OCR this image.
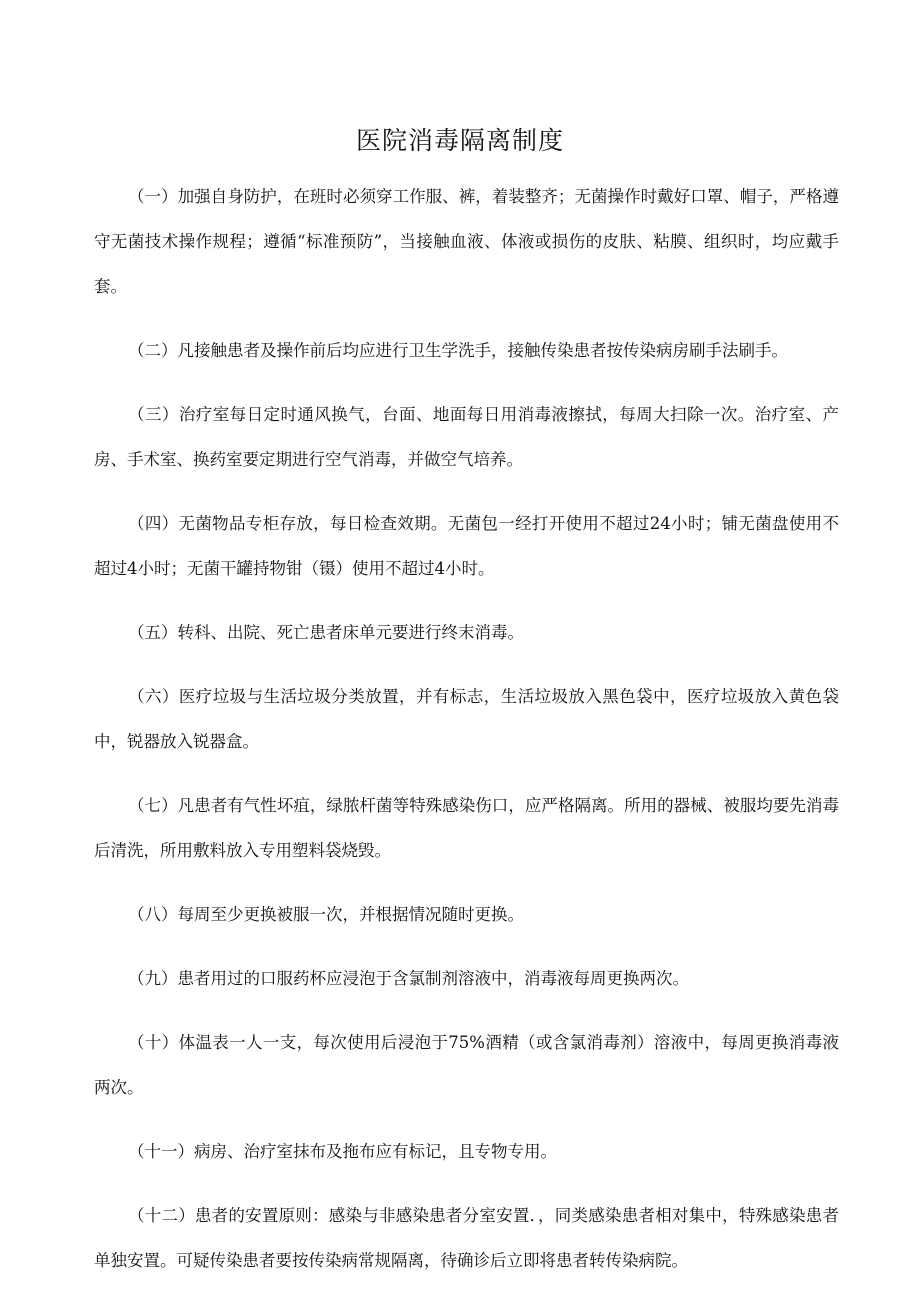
医院消毒隔离制度

（一）加强自身防护，在班时必须穿工作服、裤，着装整齐；无菌操作时戴好口罩、帽子，严格遵守无菌技术操作规程；遵循“标准预防”，当接触血液、体液或损伤的皮肤、粘膜、组织时，均应戴手套。

（二）凡接触患者及操作前后均应进行卫生学洗手，接触传染患者按传染病房刷手法刷手。

（三）治疗室每日定时通风换气，台面、地面每日用消毒液擦拭，每周大扫除一次。治疗室、产房、手术室、换药室要定期进行空气消毒，并做空气培养。

（四）无菌物品专柜存放，每日检查效期。无菌包一经打开使用不超过24小时；铺无菌盘使用不超过4小时；无菌干罐持物钳（镊）使用不超过4小时。

（五）转科、出院、死亡患者床单元要进行终末消毒。

（六）医疗垃圾与生活垃圾分类放置，并有标志，生活垃圾放入黑色袋中，医疗垃圾放入黄色袋中，锐器放入锐器盒。

（七）凡患者有气性坏疽，绿脓杆菌等特殊感染伤口，应严格隔离。所用的器械、被服均要先消毒后清洗，所用敷料放入专用塑料袋烧毁。

（八）每周至少更换被服一次，并根据情况随时更换。

（九）患者用过的口服药杯应浸泡于含氯制剂溶液中，消毒液每周更换两次。

（十）体温表一人一支，每次使用后浸泡于75%酒精（或含氯消毒剂）溶液中，每周更换消毒液两次。

（十一）病房、治疗室抹布及拖布应有标记，且专物专用。

（十二）患者的安置原则：感染与非感染患者分室安置．，同类感染患者相对集中，特殊感染患者单独安置。可疑传染患者要按传染病常规隔离，待确诊后立即将患者转传染病院。
